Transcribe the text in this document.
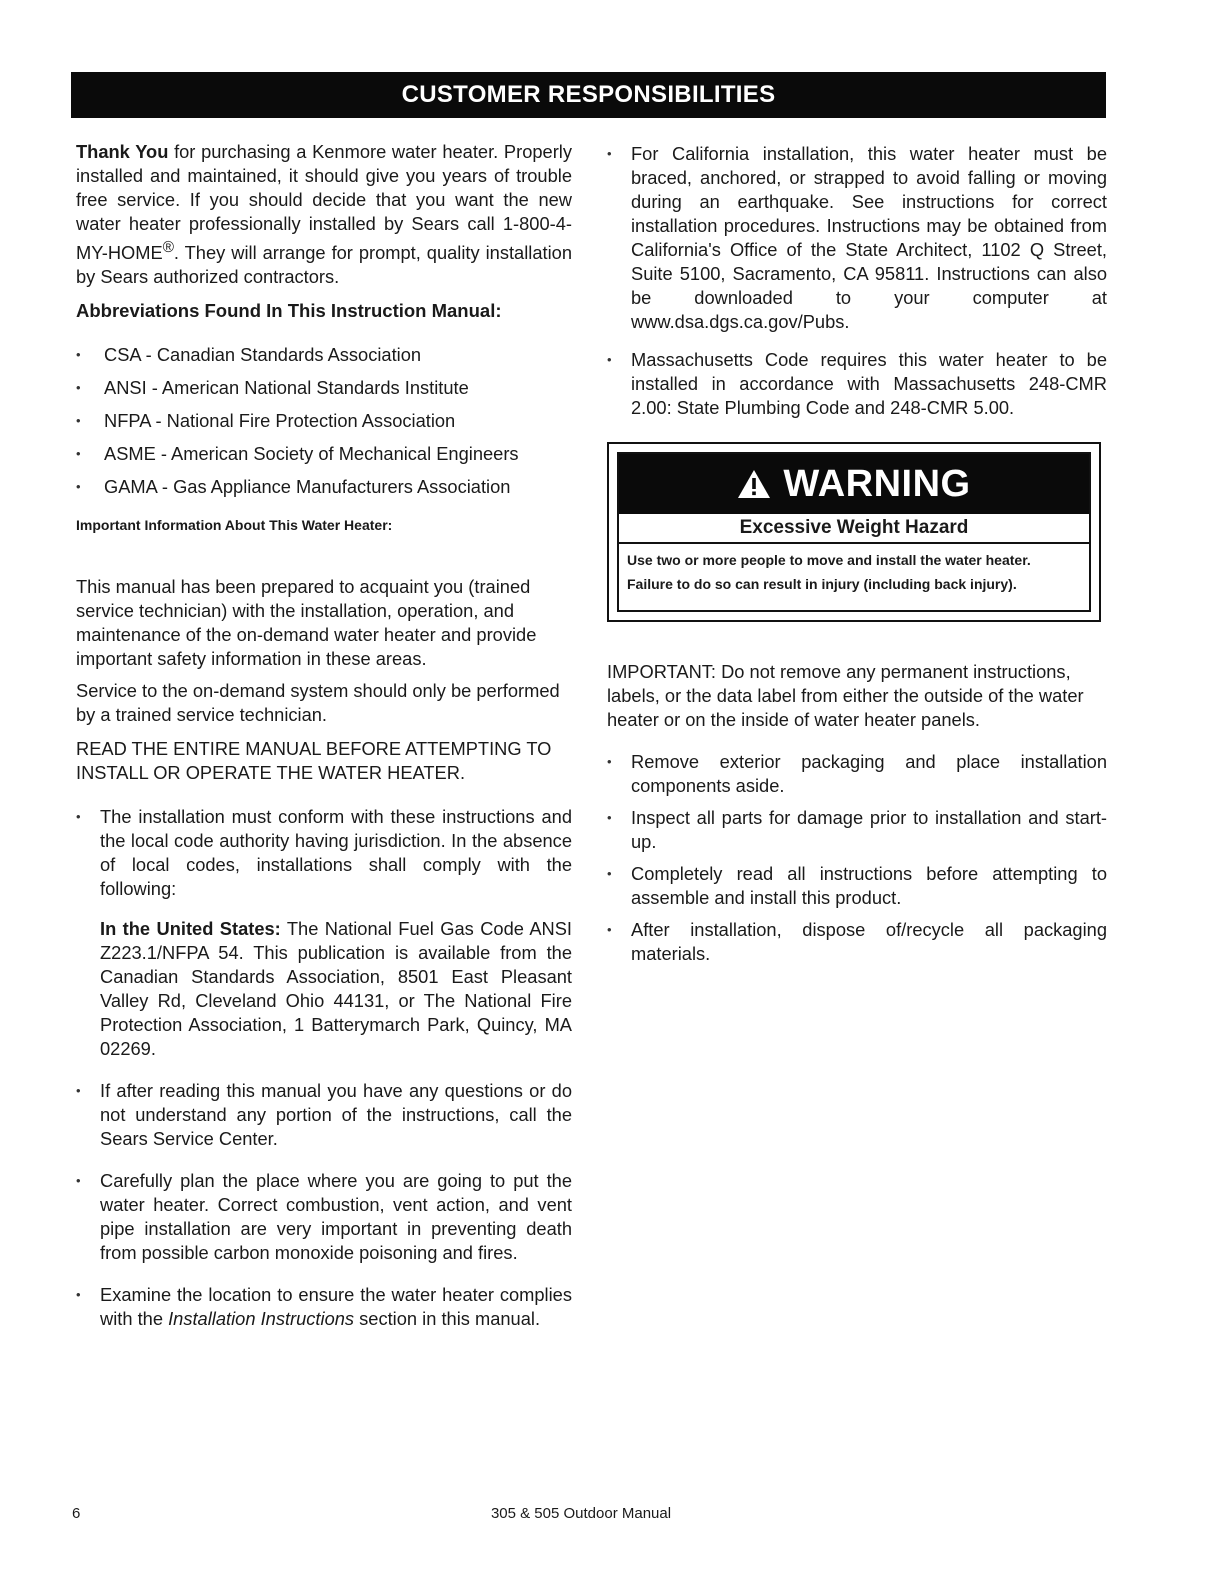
CUSTOMER RESPONSIBILITIES

Thank You for purchasing a Kenmore water heater. Properly installed and maintained, it should give you years of trouble free service. If you should decide that you want the new water heater professionally installed by Sears call 1-800-4-MY-HOME®. They will arrange for prompt, quality installation by Sears authorized contractors.

Abbreviations Found In This Instruction Manual:

• CSA - Canadian Standards Association
• ANSI - American National Standards Institute
• NFPA - National Fire Protection Association
• ASME - American Society of Mechanical Engineers
• GAMA - Gas Appliance Manufacturers Association

Important Information About This Water Heater:

This manual has been prepared to acquaint you (trained service technician) with the installation, operation, and maintenance of the on-demand water heater and provide important safety information in these areas.

Service to the on-demand system should only be performed by a trained service technician.

READ THE ENTIRE MANUAL BEFORE ATTEMPTING TO INSTALL OR OPERATE THE WATER HEATER.

• The installation must conform with these instructions and the local code authority having jurisdiction. In the absence of local codes, installations shall comply with the following:

In the United States: The National Fuel Gas Code ANSI Z223.1/NFPA 54. This publication is available from the Canadian Standards Association, 8501 East Pleasant Valley Rd, Cleveland Ohio 44131, or The National Fire Protection Association, 1 Batterymarch Park, Quincy, MA 02269.

• If after reading this manual you have any questions or do not understand any portion of the instructions, call the Sears Service Center.
• Carefully plan the place where you are going to put the water heater. Correct combustion, vent action, and vent pipe installation are very important in preventing death from possible carbon monoxide poisoning and fires.
• Examine the location to ensure the water heater complies with the Installation Instructions section in this manual.
• For California installation, this water heater must be braced, anchored, or strapped to avoid falling or moving during an earthquake. See instructions for correct installation procedures. Instructions may be obtained from California's Office of the State Architect, 1102 Q Street, Suite 5100, Sacramento, CA 95811. Instructions can also be downloaded to your computer at www.dsa.dgs.ca.gov/Pubs.
• Massachusetts Code requires this water heater to be installed in accordance with Massachusetts 248-CMR 2.00: State Plumbing Code and 248-CMR 5.00.
WARNING
Excessive Weight Hazard
Use two or more people to move and install the water heater.
Failure to do so can result in injury (including back injury).

IMPORTANT: Do not remove any permanent instructions, labels, or the data label from either the outside of the water heater or on the inside of water heater panels.

• Remove exterior packaging and place installation components aside.
• Inspect all parts for damage prior to installation and start-up.
• Completely read all instructions before attempting to assemble and install this product.
• After installation, dispose of/recycle all packaging materials.
6	305 & 505 Outdoor Manual
